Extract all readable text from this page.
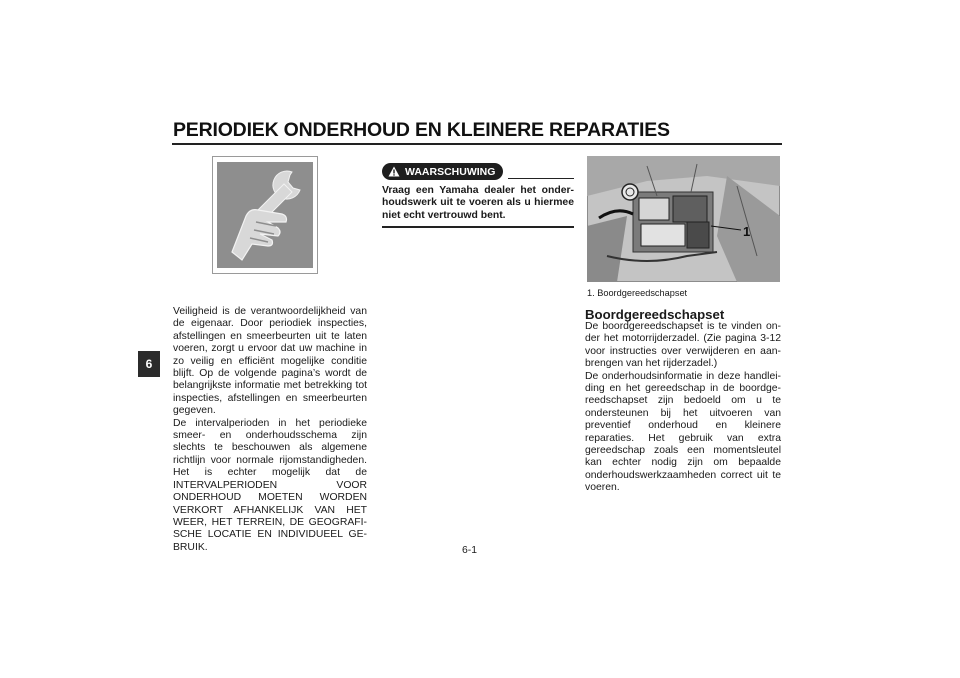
PERIODIEK ONDERHOUD EN KLEINERE REPARATIES
6

Veiligheid is de verantwoordelijkheid van de eigenaar. Door periodiek inspecties, afstellingen en smeerbeurten uit te laten voeren, zorgt u ervoor dat uw machine in zo veilig en efficiënt mogelijke conditie blijft. Op de volgende pagina’s wordt de belangrijkste informatie met betrekking tot inspecties, afstellingen en smeerbeurten gegeven.
De intervalperioden in het periodieke smeer- en onderhoudsschema zijn slechts te beschouwen als algemene richtlijn voor normale rijomstandigheden. Het is echter mogelijk dat de INTERVALPERIODEN VOOR ONDERHOUD MOETEN WORDEN VERKORT AFHANKELIJK VAN HET WEER, HET TERREIN, DE GEOGRAFISCHE LOCATIE EN INDIVIDUEEL GEBRUIK.

WAARSCHUWING

Vraag een Yamaha dealer het onderhoudswerk uit te voeren als u hiermee niet echt vertrouwd bent.

1
1. Boordgereedschapset
Boordgereedschapset

De boordgereedschapset is te vinden onder het motorrijderzadel. (Zie pagina 3-12 voor instructies over verwijderen en aanbrengen van het rijderzadel.)
De onderhoudsinformatie in deze handleiding en het gereedschap in de boordgereedschapset zijn bedoeld om u te ondersteunen bij het uitvoeren van preventief onderhoud en kleinere reparaties. Het gebruik van extra gereedschap zoals een momentsleutel kan echter nodig zijn om bepaalde onderhoudswerkzaamheden correct uit te voeren.

6-1
